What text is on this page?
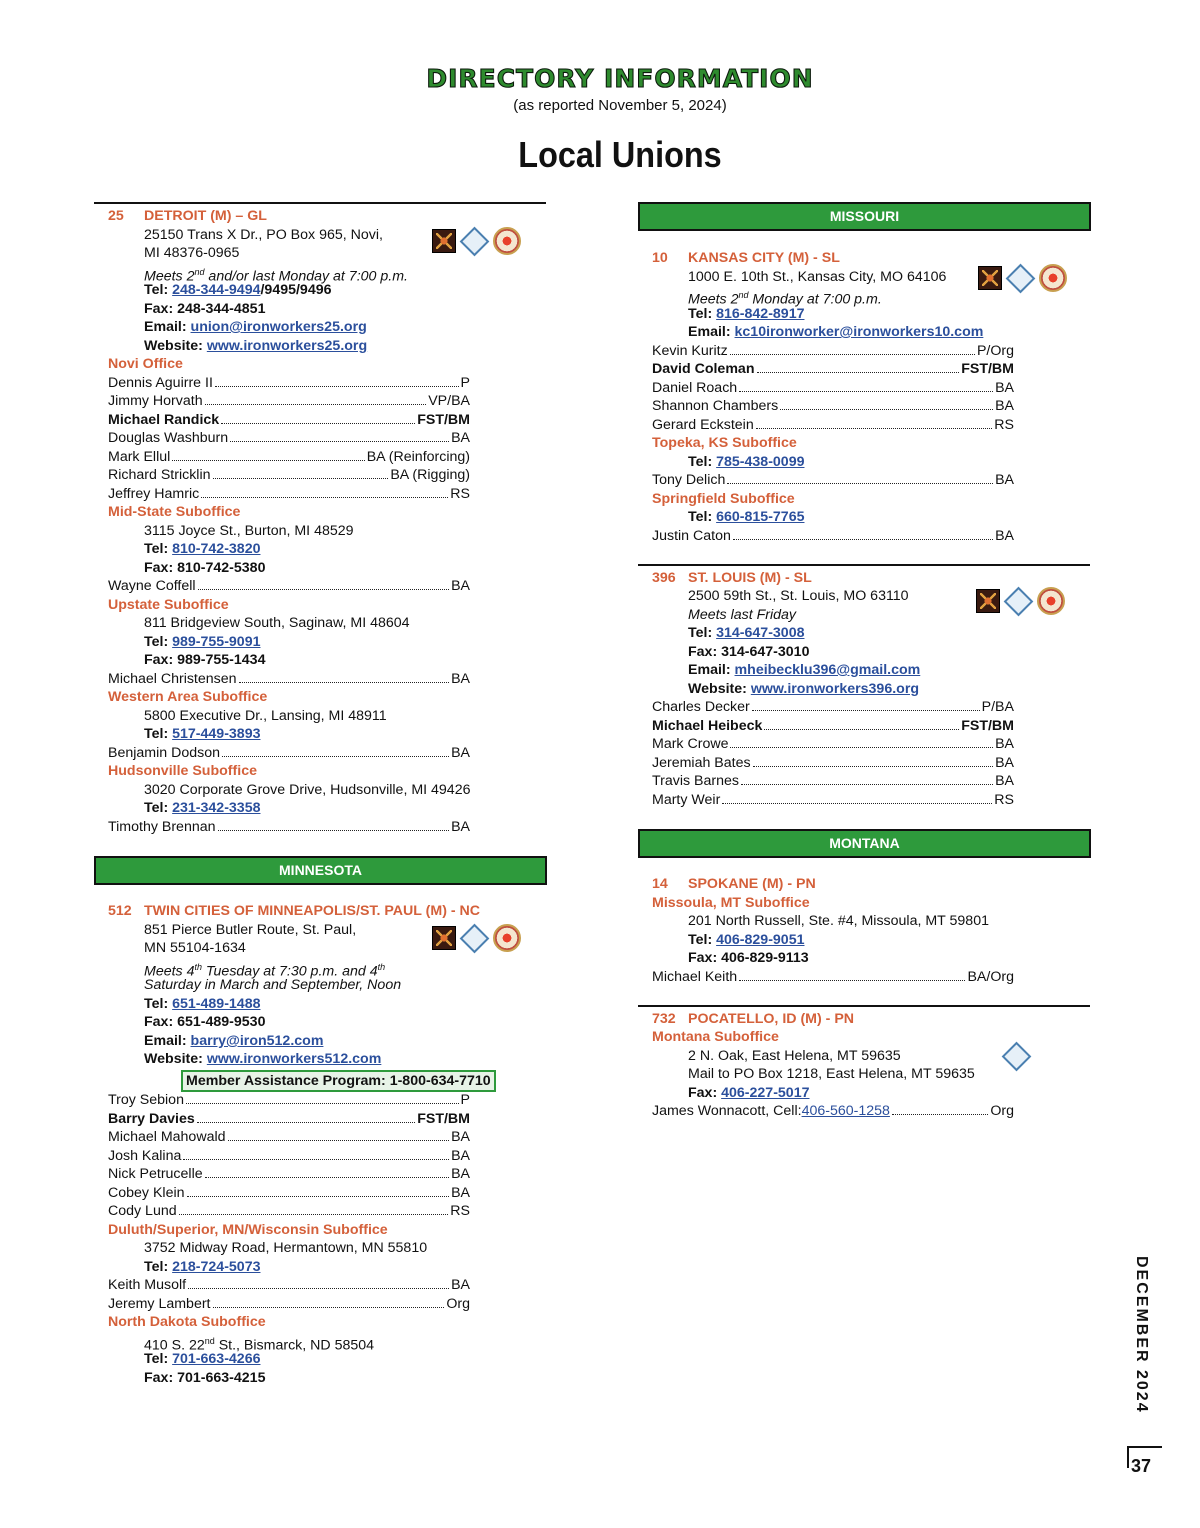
DIRECTORY INFORMATION
(as reported November 5, 2024)
Local Unions
25 DETROIT (M) – GL
25150 Trans X Dr., PO Box 965, Novi,
MI 48376-0965
Meets 2nd and/or last Monday at 7:00 p.m.
Tel: 248-344-9494/9495/9496
Fax: 248-344-4851
Email: union@ironworkers25.org
Website: www.ironworkers25.org
Novi Office
Dennis Aguirre II	P
Jimmy Horvath	VP/BA
Michael Randick	FST/BM
Douglas Washburn	BA
Mark Ellul	BA (Reinforcing)
Richard Stricklin	BA (Rigging)
Jeffrey Hamric	RS
Mid-State Suboffice
3115 Joyce St., Burton, MI 48529
Tel: 810-742-3820
Fax: 810-742-5380
Wayne Coffell	BA
Upstate Suboffice
811 Bridgeview South, Saginaw, MI 48604
Tel: 989-755-9091
Fax: 989-755-1434
Michael Christensen	BA
Western Area Suboffice
5800 Executive Dr., Lansing, MI 48911
Tel: 517-449-3893
Benjamin Dodson	BA
Hudsonville Suboffice
3020 Corporate Grove Drive, Hudsonville, MI 49426
Tel: 231-342-3358
Timothy Brennan	BA
MINNESOTA
512 TWIN CITIES OF MINNEAPOLIS/ST. PAUL (M) - NC
851 Pierce Butler Route, St. Paul,
MN 55104-1634
Meets 4th Tuesday at 7:30 p.m. and 4th
Saturday in March and September, Noon
Tel: 651-489-1488
Fax: 651-489-9530
Email: barry@iron512.com
Website: www.ironworkers512.com
Member Assistance Program: 1-800-634-7710
Troy Sebion	P
Barry Davies	FST/BM
Michael Mahowald	BA
Josh Kalina	BA
Nick Petrucelle	BA
Cobey Klein	BA
Cody Lund	RS
Duluth/Superior, MN/Wisconsin Suboffice
3752 Midway Road, Hermantown, MN 55810
Tel: 218-724-5073
Keith Musolf	BA
Jeremy Lambert	Org
North Dakota Suboffice
410 S. 22nd St., Bismarck, ND 58504
Tel: 701-663-4266
Fax: 701-663-4215
MISSOURI
10 KANSAS CITY (M) - SL
1000 E. 10th St., Kansas City, MO 64106
Meets 2nd Monday at 7:00 p.m.
Tel: 816-842-8917
Email: kc10ironworker@ironworkers10.com
Kevin Kuritz	P/Org
David Coleman	FST/BM
Daniel Roach	BA
Shannon Chambers	BA
Gerard Eckstein	RS
Topeka, KS Suboffice
Tel: 785-438-0099
Tony Delich	BA
Springfield Suboffice
Tel: 660-815-7765
Justin Caton	BA
396 ST. LOUIS (M) - SL
2500 59th St., St. Louis, MO 63110
Meets last Friday
Tel: 314-647-3008
Fax: 314-647-3010
Email: mheibecklu396@gmail.com
Website: www.ironworkers396.org
Charles Decker	P/BA
Michael Heibeck	FST/BM
Mark Crowe	BA
Jeremiah Bates	BA
Travis Barnes	BA
Marty Weir	RS
MONTANA
14 SPOKANE (M) - PN
Missoula, MT Suboffice
201 North Russell, Ste. #4, Missoula, MT 59801
Tel: 406-829-9051
Fax: 406-829-9113
Michael Keith	BA/Org
732 POCATELLO, ID (M) - PN
Montana Suboffice
2 N. Oak, East Helena, MT 59635
Mail to PO Box 1218, East Helena, MT 59635
Fax: 406-227-5017
James Wonnacott, Cell: 406-560-1258	Org
DECEMBER 2024
37
